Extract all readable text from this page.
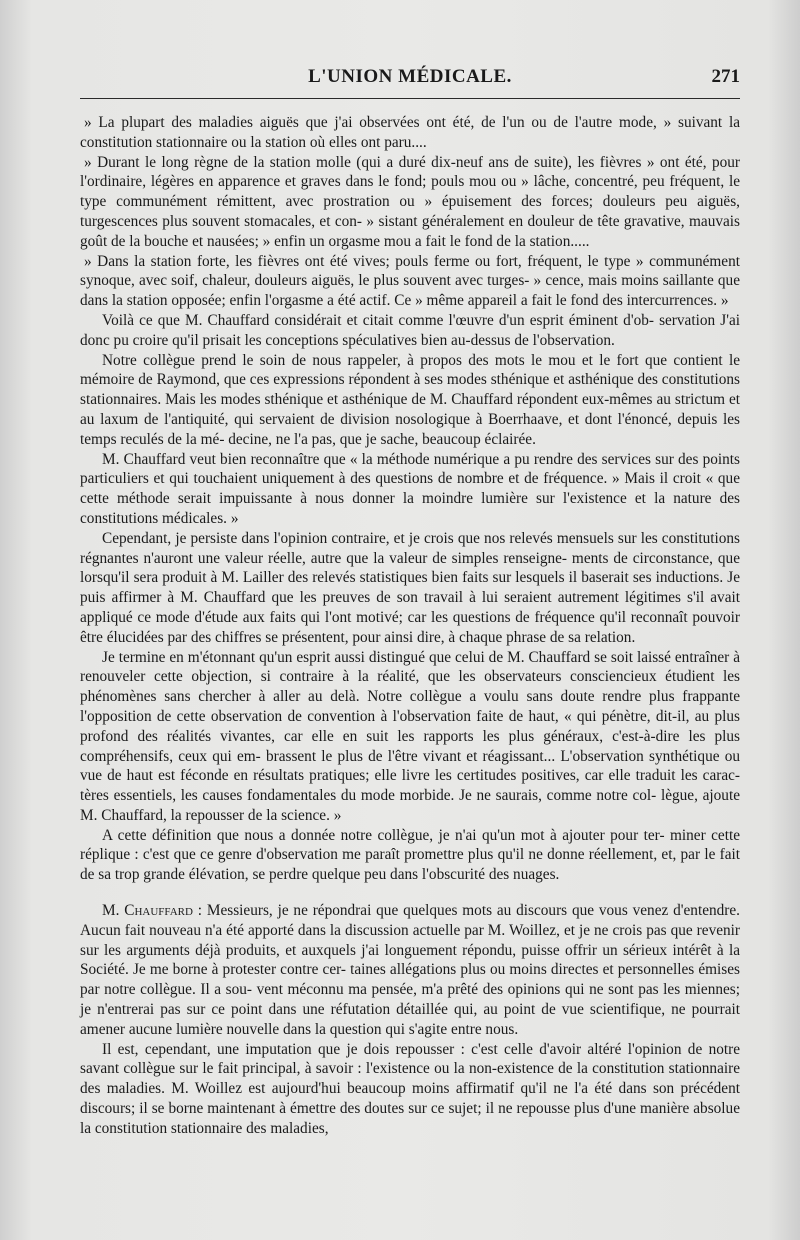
L'UNION MÉDICALE.	271

» La plupart des maladies aiguës que j'ai observées ont été, de l'un ou de l'autre mode, » suivant la constitution stationnaire ou la station où elles ont paru....

» Durant le long règne de la station molle (qui a duré dix-neuf ans de suite), les fièvres » ont été, pour l'ordinaire, légères en apparence et graves dans le fond; pouls mou ou » lâche, concentré, peu fréquent, le type communément rémittent, avec prostration ou » épuisement des forces; douleurs peu aiguës, turgescences plus souvent stomacales, et con- » sistant généralement en douleur de tête gravative, mauvais goût de la bouche et nausées; » enfin un orgasme mou a fait le fond de la station.....

» Dans la station forte, les fièvres ont été vives; pouls ferme ou fort, fréquent, le type » communément synoque, avec soif, chaleur, douleurs aiguës, le plus souvent avec turges- » cence, mais moins saillante que dans la station opposée; enfin l'orgasme a été actif. Ce » même appareil a fait le fond des intercurrences. »

Voilà ce que M. Chauffard considérait et citait comme l'œuvre d'un esprit éminent d'ob- servation J'ai donc pu croire qu'il prisait les conceptions spéculatives bien au-dessus de l'observation.

Notre collègue prend le soin de nous rappeler, à propos des mots le mou et le fort que contient le mémoire de Raymond, que ces expressions répondent à ses modes sthénique et asthénique des constitutions stationnaires. Mais les modes sthénique et asthénique de M. Chauffard répondent eux-mêmes au strictum et au laxum de l'antiquité, qui servaient de division nosologique à Boerrhaave, et dont l'énoncé, depuis les temps reculés de la mé- decine, ne l'a pas, que je sache, beaucoup éclairée.

M. Chauffard veut bien reconnaître que « la méthode numérique a pu rendre des services sur des points particuliers et qui touchaient uniquement à des questions de nombre et de fréquence. » Mais il croit « que cette méthode serait impuissante à nous donner la moindre lumière sur l'existence et la nature des constitutions médicales. »

Cependant, je persiste dans l'opinion contraire, et je crois que nos relevés mensuels sur les constitutions régnantes n'auront une valeur réelle, autre que la valeur de simples renseigne- ments de circonstance, que lorsqu'il sera produit à M. Lailler des relevés statistiques bien faits sur lesquels il baserait ses inductions. Je puis affirmer à M. Chauffard que les preuves de son travail à lui seraient autrement légitimes s'il avait appliqué ce mode d'étude aux faits qui l'ont motivé; car les questions de fréquence qu'il reconnaît pouvoir être élucidées par des chiffres se présentent, pour ainsi dire, à chaque phrase de sa relation.

Je termine en m'étonnant qu'un esprit aussi distingué que celui de M. Chauffard se soit laissé entraîner à renouveler cette objection, si contraire à la réalité, que les observateurs consciencieux étudient les phénomènes sans chercher à aller au delà. Notre collègue a voulu sans doute rendre plus frappante l'opposition de cette observation de convention à l'observation faite de haut, « qui pénètre, dit-il, au plus profond des réalités vivantes, car elle en suit les rapports les plus généraux, c'est-à-dire les plus compréhensifs, ceux qui em- brassent le plus de l'être vivant et réagissant... L'observation synthétique ou vue de haut est féconde en résultats pratiques; elle livre les certitudes positives, car elle traduit les carac- tères essentiels, les causes fondamentales du mode morbide. Je ne saurais, comme notre col- lègue, ajoute M. Chauffard, la repousser de la science. »

A cette définition que nous a donnée notre collègue, je n'ai qu'un mot à ajouter pour ter- miner cette réplique : c'est que ce genre d'observation me paraît promettre plus qu'il ne donne réellement, et, par le fait de sa trop grande élévation, se perdre quelque peu dans l'obscurité des nuages.

M. Chauffard : Messieurs, je ne répondrai que quelques mots au discours que vous venez d'entendre. Aucun fait nouveau n'a été apporté dans la discussion actuelle par M. Woillez, et je ne crois pas que revenir sur les arguments déjà produits, et auxquels j'ai longuement répondu, puisse offrir un sérieux intérêt à la Société. Je me borne à protester contre cer- taines allégations plus ou moins directes et personnelles émises par notre collègue. Il a sou- vent méconnu ma pensée, m'a prêté des opinions qui ne sont pas les miennes; je n'entrerai pas sur ce point dans une réfutation détaillée qui, au point de vue scientifique, ne pourrait amener aucune lumière nouvelle dans la question qui s'agite entre nous.

Il est, cependant, une imputation que je dois repousser : c'est celle d'avoir altéré l'opinion de notre savant collègue sur le fait principal, à savoir : l'existence ou la non-existence de la constitution stationnaire des maladies. M. Woillez est aujourd'hui beaucoup moins affirmatif qu'il ne l'a été dans son précédent discours; il se borne maintenant à émettre des doutes sur ce sujet; il ne repousse plus d'une manière absolue la constitution stationnaire des maladies,
